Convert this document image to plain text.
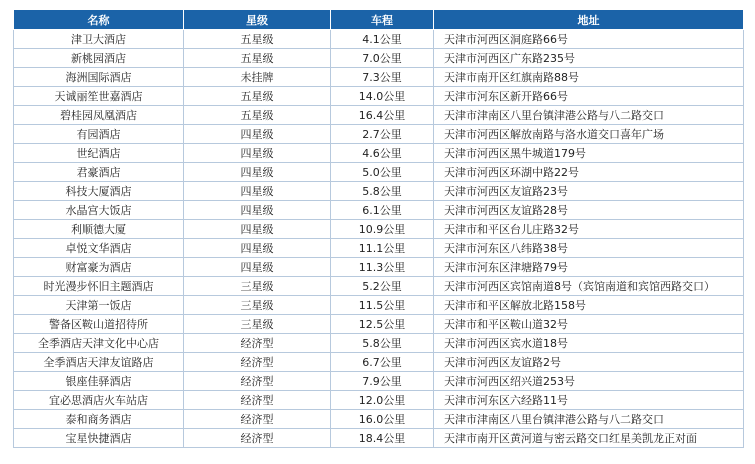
名称	星级	车程	地址
津卫大酒店	五星级	4.1公里	天津市河西区洞庭路66号
新桃园酒店	五星级	7.0公里	天津市河西区广东路235号
海洲国际酒店	未挂牌	7.3公里	天津市南开区红旗南路88号
天诚丽笙世嘉酒店	五星级	14.0公里	天津市河东区新开路66号
碧桂园凤凰酒店	五星级	16.4公里	天津市津南区八里台镇津港公路与八二路交口
有园酒店	四星级	2.7公里	天津市河西区解放南路与洛水道交口喜年广场
世纪酒店	四星级	4.6公里	天津市河西区黑牛城道179号
君豪酒店	四星级	5.0公里	天津市河西区环湖中路22号
科技大厦酒店	四星级	5.8公里	天津市河西区友谊路23号
水晶宫大饭店	四星级	6.1公里	天津市河西区友谊路28号
利顺德大厦	四星级	10.9公里	天津市和平区台儿庄路32号
卓悦文华酒店	四星级	11.1公里	天津市河东区八纬路38号
财富豪为酒店	四星级	11.3公里	天津市河东区津塘路79号
时光漫步怀旧主题酒店	三星级	5.2公里	天津市河西区宾馆南道8号（宾馆南道和宾馆西路交口）
天津第一饭店	三星级	11.5公里	天津市和平区解放北路158号
警备区鞍山道招待所	三星级	12.5公里	天津市和平区鞍山道32号
全季酒店天津文化中心店	经济型	5.8公里	天津市河西区宾水道18号
全季酒店天津友谊路店	经济型	6.7公里	天津市河西区友谊路2号
银座佳驿酒店	经济型	7.9公里	天津市河西区绍兴道253号
宜必思酒店火车站店	经济型	12.0公里	天津市河东区六经路11号
泰和商务酒店	经济型	16.0公里	天津市津南区八里台镇津港公路与八二路交口
宝星快捷酒店	经济型	18.4公里	天津市南开区黄河道与密云路交口红星美凯龙正对面
